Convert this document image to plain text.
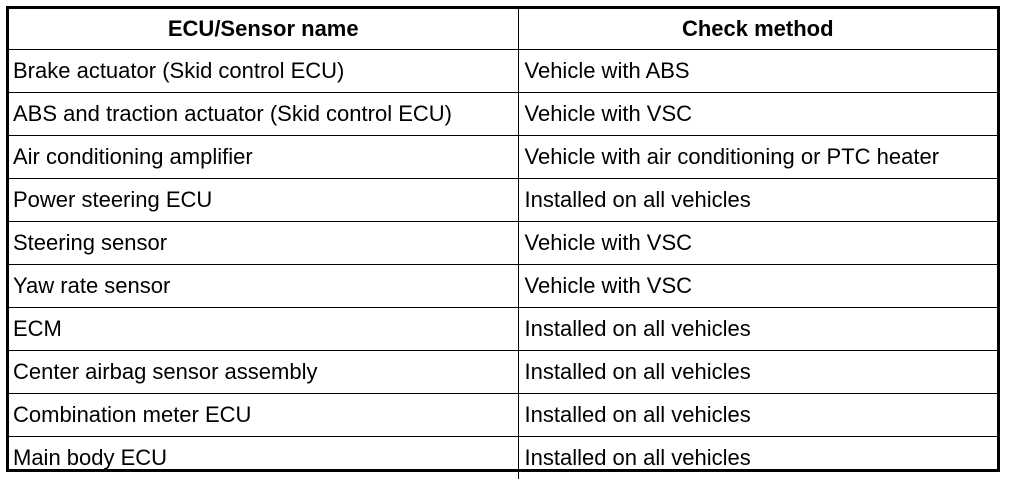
ECU/Sensor name	Check method
Brake actuator (Skid control ECU)	Vehicle with ABS
ABS and traction actuator (Skid control ECU)	Vehicle with VSC
Air conditioning amplifier	Vehicle with air conditioning or PTC heater
Power steering ECU	Installed on all vehicles
Steering sensor	Vehicle with VSC
Yaw rate sensor	Vehicle with VSC
ECM	Installed on all vehicles
Center airbag sensor assembly	Installed on all vehicles
Combination meter ECU	Installed on all vehicles
Main body ECU	Installed on all vehicles
